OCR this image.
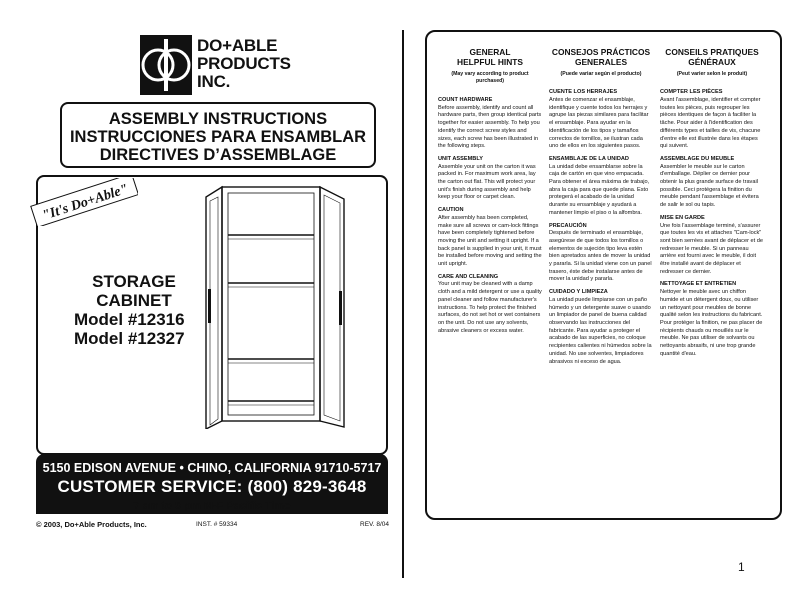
DO+ABLE
PRODUCTS
INC.
ASSEMBLY INSTRUCTIONS
INSTRUCCIONES PARA ENSAMBLAR
DIRECTIVES D’ASSEMBLAGE
"It's Do+Able"
STORAGE
CABINET
Model #12316
Model #12327
5150 EDISON AVENUE • CHINO, CALIFORNIA 91710-5717
CUSTOMER SERVICE: (800) 829-3648
7 am to 5 pm M-F Pacific Time
© 2003, Do+Able Products, Inc.	INST. # 59334	REV. 8/04
GENERAL
HELPFUL HINTS
(May vary according to product purchased)
COUNT HARDWARE
Before assembly, identify and count all hardware parts, then group identical parts together for easier assembly. To help you identify the correct screw styles and sizes, each screw has been illustrated in the following steps.
UNIT ASSEMBLY
Assemble your unit on the carton it was packed in. For maximum work area, lay the carton out flat. This will protect your unit's finish during assembly and help keep your floor or carpet clean.
CAUTION
After assembly has been completed, make sure all screws or cam-lock fittings have been completely tightened before moving the unit and setting it upright. If a back panel is supplied in your unit, it must be installed before moving and setting the unit upright.
CARE AND CLEANING
Your unit may be cleaned with a damp cloth and a mild detergent or use a quality panel cleaner and follow manufacturer's instructions. To help protect the finished surfaces, do not set hot or wet containers on the unit. Do not use any solvents, abrasive cleaners or excess water.
CONSEJOS PRÁCTICOS
GENERALES
(Puede variar según el producto)
CUENTE LOS HERRAJES
Antes de comenzar el ensamblaje, identifique y cuente todos los herrajes y agrupe las piezas similares para facilitar el ensamblaje. Para ayudar en la identificación de los tipos y tamaños correctos de tornillos, se ilustran cada uno de ellos en los siguientes pasos.
ENSAMBLAJE DE LA UNIDAD
La unidad debe ensamblarse sobre la caja de cartón en que vino empacada. Para obtener el área máxima de trabajo, abra la caja para que quede plana. Esto protegerá el acabado de la unidad durante su ensamblaje y ayudará a mantener limpio el piso o la alfombra.
PRECAUCIÓN
Después de terminado el ensamblaje, asegúrese de que todos los tornillos o elementos de sujeción tipo leva estén bien apretados antes de mover la unidad y pararla. Si la unidad viene con un panel trasero, éste debe instalarse antes de mover la unidad y pararla.
CUIDADO Y LIMPIEZA
La unidad puede limpiarse con un paño húmedo y un detergente suave o usando un limpiador de panel de buena calidad observando las instrucciones del fabricante. Para ayudar a proteger el acabado de las superficies, no coloque recipientes calientes ni húmedos sobre la unidad. No use solventes, limpiadores abrasivos ni exceso de agua.
CONSEILS PRATIQUES
GÉNÉRAUX
(Peut varier selon le produit)
COMPTER LES PIÈCES
Avant l'assemblage, identifier et compter toutes les pièces, puis regrouper les pièces identiques de façon à faciliter la tâche. Pour aider à l'identification des différents types et tailles de vis, chacune d'entre elle est illustrée dans les étapes qui suivent.
ASSEMBLAGE DU MEUBLE
Assembler le meuble sur le carton d'emballage. Déplier ce dernier pour obtenir la plus grande surface de travail possible. Ceci protégera la finition du meuble pendant l'assemblage et évitera de salir le sol ou tapis.
MISE EN GARDE
Une fois l'assemblage terminé, s'assurer que toutes les vis et attaches "Cam-lock" sont bien serrées avant de déplacer et de redresser le meuble. Si un panneau arrière est fourni avec le meuble, il doit être installé avant de déplacer et redresser ce dernier.
NETTOYAGE ET ENTRETIEN
Nettoyer le meuble avec un chiffon humide et un détergent doux, ou utiliser un nettoyant pour meubles de bonne qualité selon les instructions du fabricant. Pour protéger la finition, ne pas placer de récipients chauds ou mouillés sur le meuble. Ne pas utiliser de solvants ou nettoyants abrasifs, ni une trop grande quantité d'eau.
1
